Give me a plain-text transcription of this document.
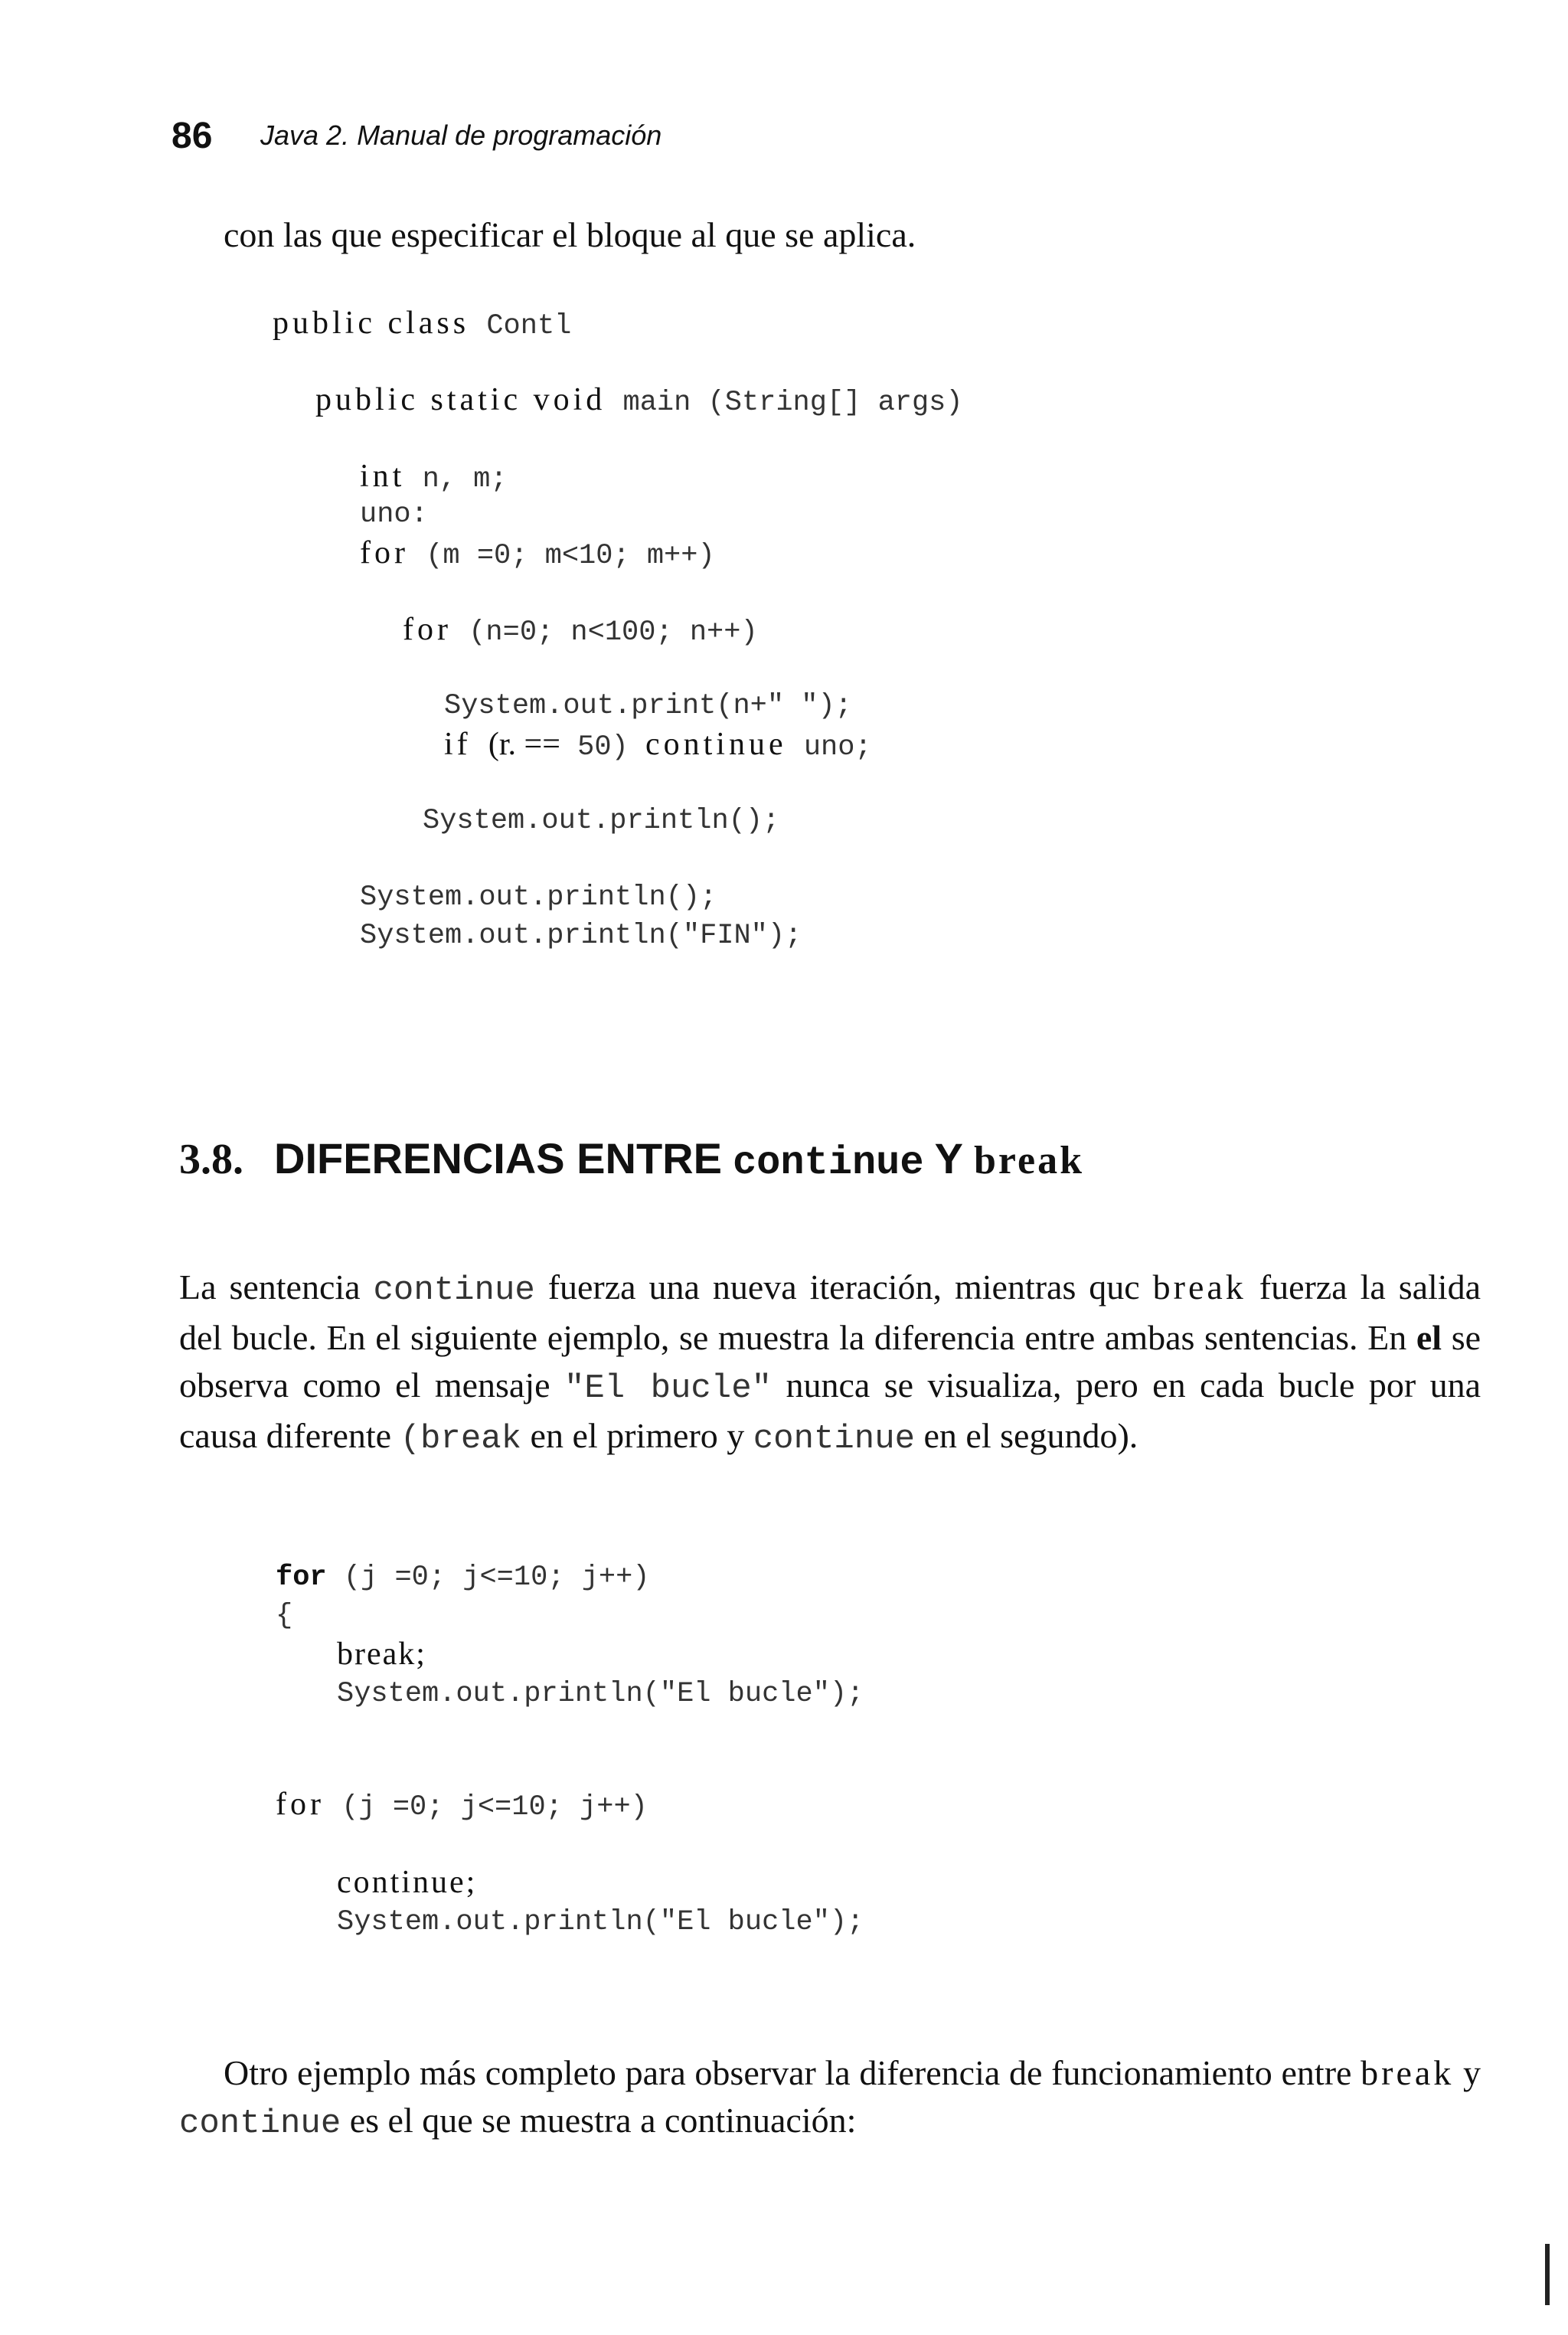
86 Java 2. Manual de programación
con las que especificar el bloque al que se aplica.
public class Contl
public static void main (String[] args)
int n, m;
uno:
for (m =0; m<10; m++)
for (n=0; n<100; n++)
System.out.print(n+" ");
if (r. == 50) continue uno;
System.out.println();
System.out.println();
System.out.println("FIN");
3.8. DIFERENCIAS ENTRE continue Y break
La sentencia continue fuerza una nueva iteración, mientras quc break fuerza la salida del bucle. En el siguiente ejemplo, se muestra la diferencia entre ambas sentencias. En el se observa como el mensaje "El bucle" nunca se visualiza, pero en cada bucle por una causa diferente (break en el primero y continue en el segundo).
for (j =0; j<=10; j++)
{
break;
System.out.println("El bucle");
for (j =0; j<=10; j++)
continue;
System.out.println("El bucle");
Otro ejemplo más completo para observar la diferencia de funcionamiento entre break y continue es el que se muestra a continuación:
